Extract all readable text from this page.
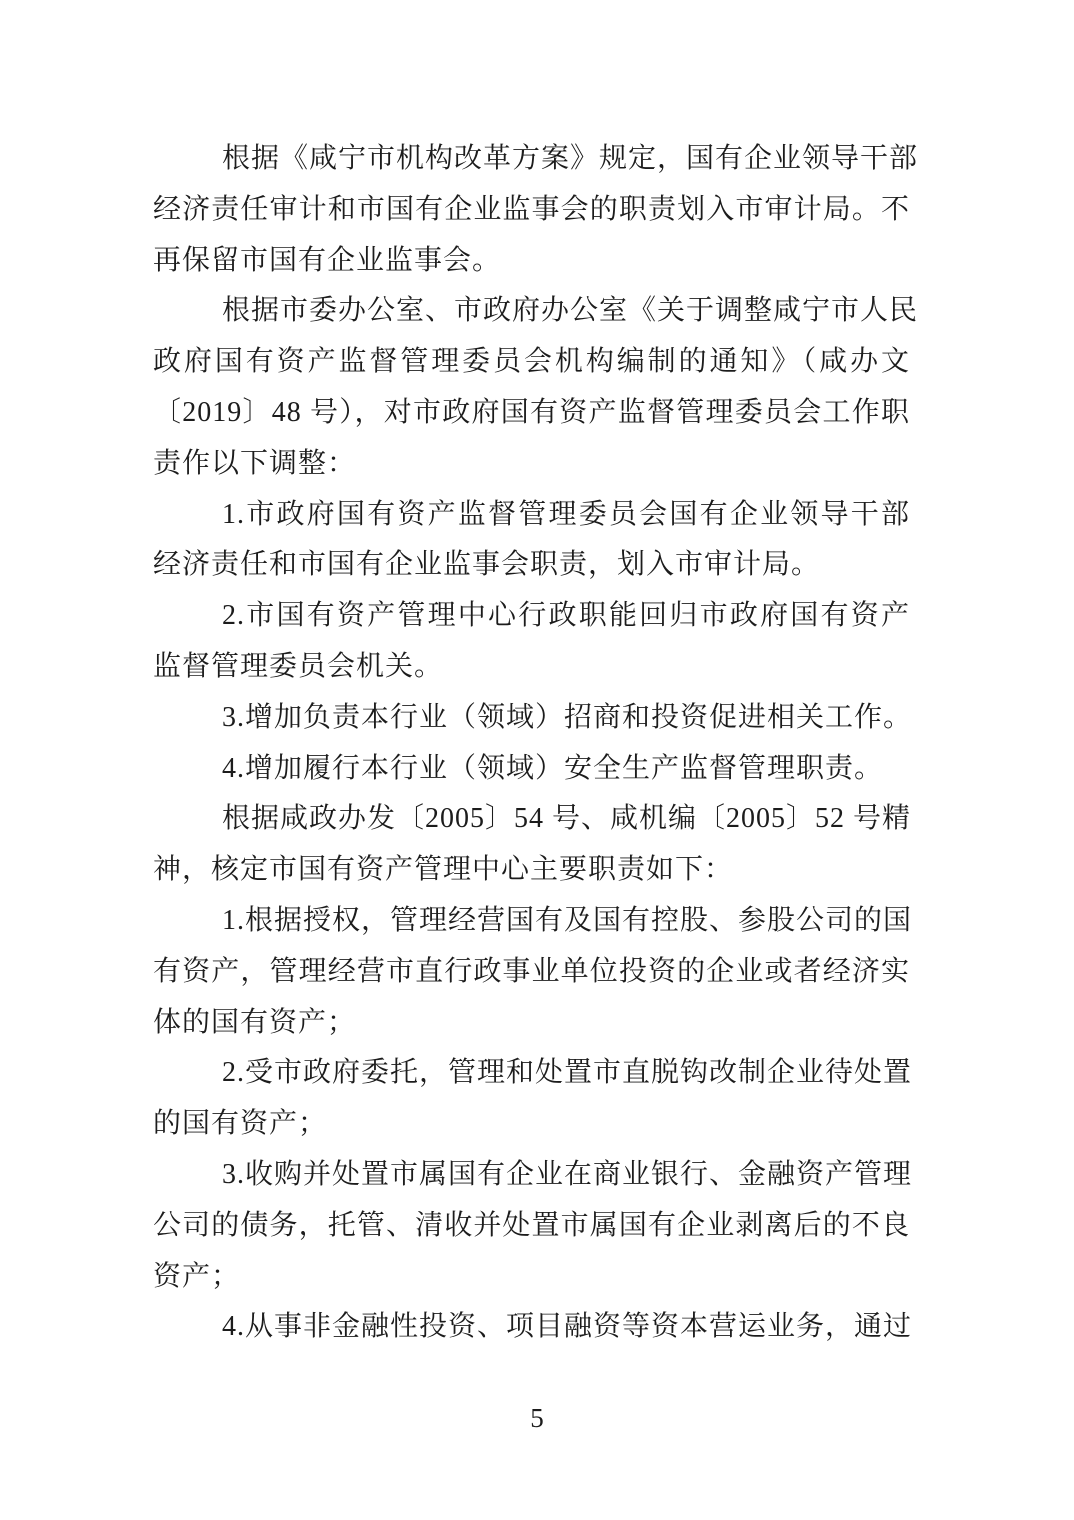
根据《咸宁市机构改革方案》规定，国有企业领导干部
经济责任审计和市国有企业监事会的职责划入市审计局。不
再保留市国有企业监事会。
根据市委办公室、市政府办公室《关于调整咸宁市人民
政府国有资产监督管理委员会机构编制的通知》（咸办文
〔2019〕48 号），对市政府国有资产监督管理委员会工作职
责作以下调整：
1.市政府国有资产监督管理委员会国有企业领导干部
经济责任和市国有企业监事会职责，划入市审计局。
2.市国有资产管理中心行政职能回归市政府国有资产
监督管理委员会机关。
3.增加负责本行业（领域）招商和投资促进相关工作。
4.增加履行本行业（领域）安全生产监督管理职责。
根据咸政办发〔2005〕54 号、咸机编〔2005〕52 号精
神，核定市国有资产管理中心主要职责如下：
1.根据授权，管理经营国有及国有控股、参股公司的国
有资产，管理经营市直行政事业单位投资的企业或者经济实
体的国有资产；
2.受市政府委托，管理和处置市直脱钩改制企业待处置
的国有资产；
3.收购并处置市属国有企业在商业银行、金融资产管理
公司的债务，托管、清收并处置市属国有企业剥离后的不良
资产；
4.从事非金融性投资、项目融资等资本营运业务，通过
5
